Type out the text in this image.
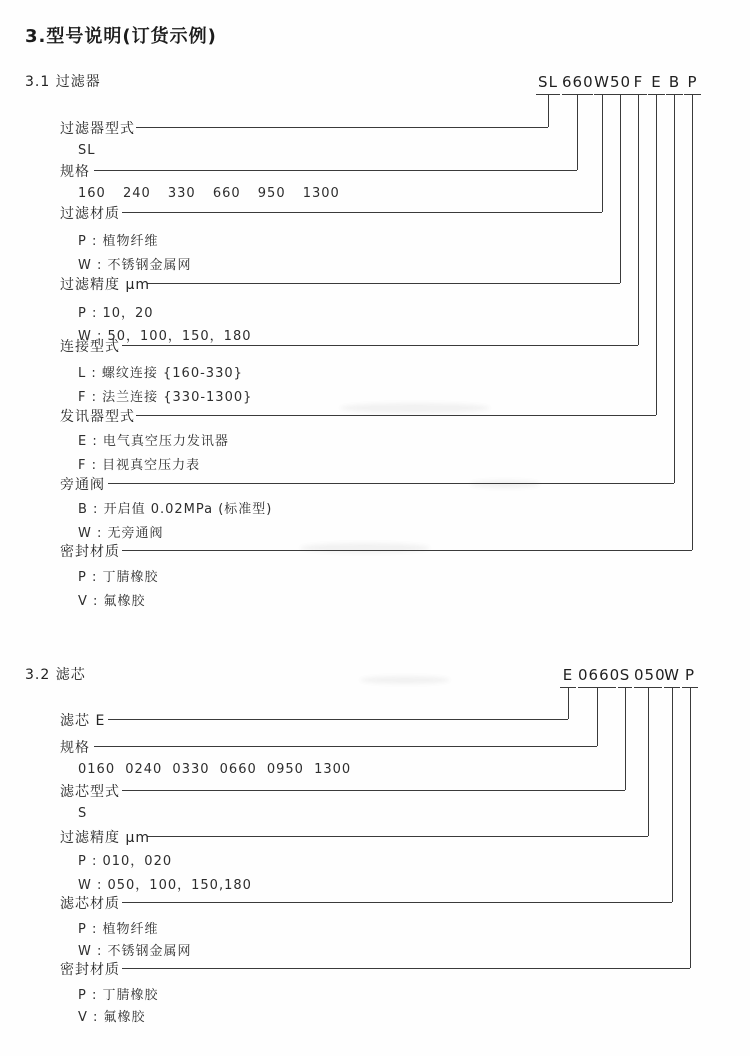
3.型号说明(订货示例)
3.1 过滤器	SL 660 W 50 F E B P
过滤器型式
规格
过滤材质
过滤精度 μm
连接型式
发讯器型式
旁通阀
密封材质
SL
160 240 330 660 950 1300
P : 植物纤维
W : 不锈钢金属网
P : 10，20
W : 50，100，150，180
L : 螺纹连接 {160-330}
F : 法兰连接 {330-1300}
E : 电气真空压力发讯器
F : 目视真空压力表
B : 开启值 0.02MPa (标准型)
W : 无旁通阀
P : 丁腈橡胶
V : 氟橡胶
3.2 滤芯	E 0660 S 050
W P
滤芯 E
规格
滤芯型式
过滤精度 μm
滤芯材质
密封材质
0160 0240 0330 0660 0950 1300
S
P : 010，020
W : 050，100，150,180
P : 植物纤维
W : 不锈钢金属网
P : 丁腈橡胶
V : 氟橡胶
